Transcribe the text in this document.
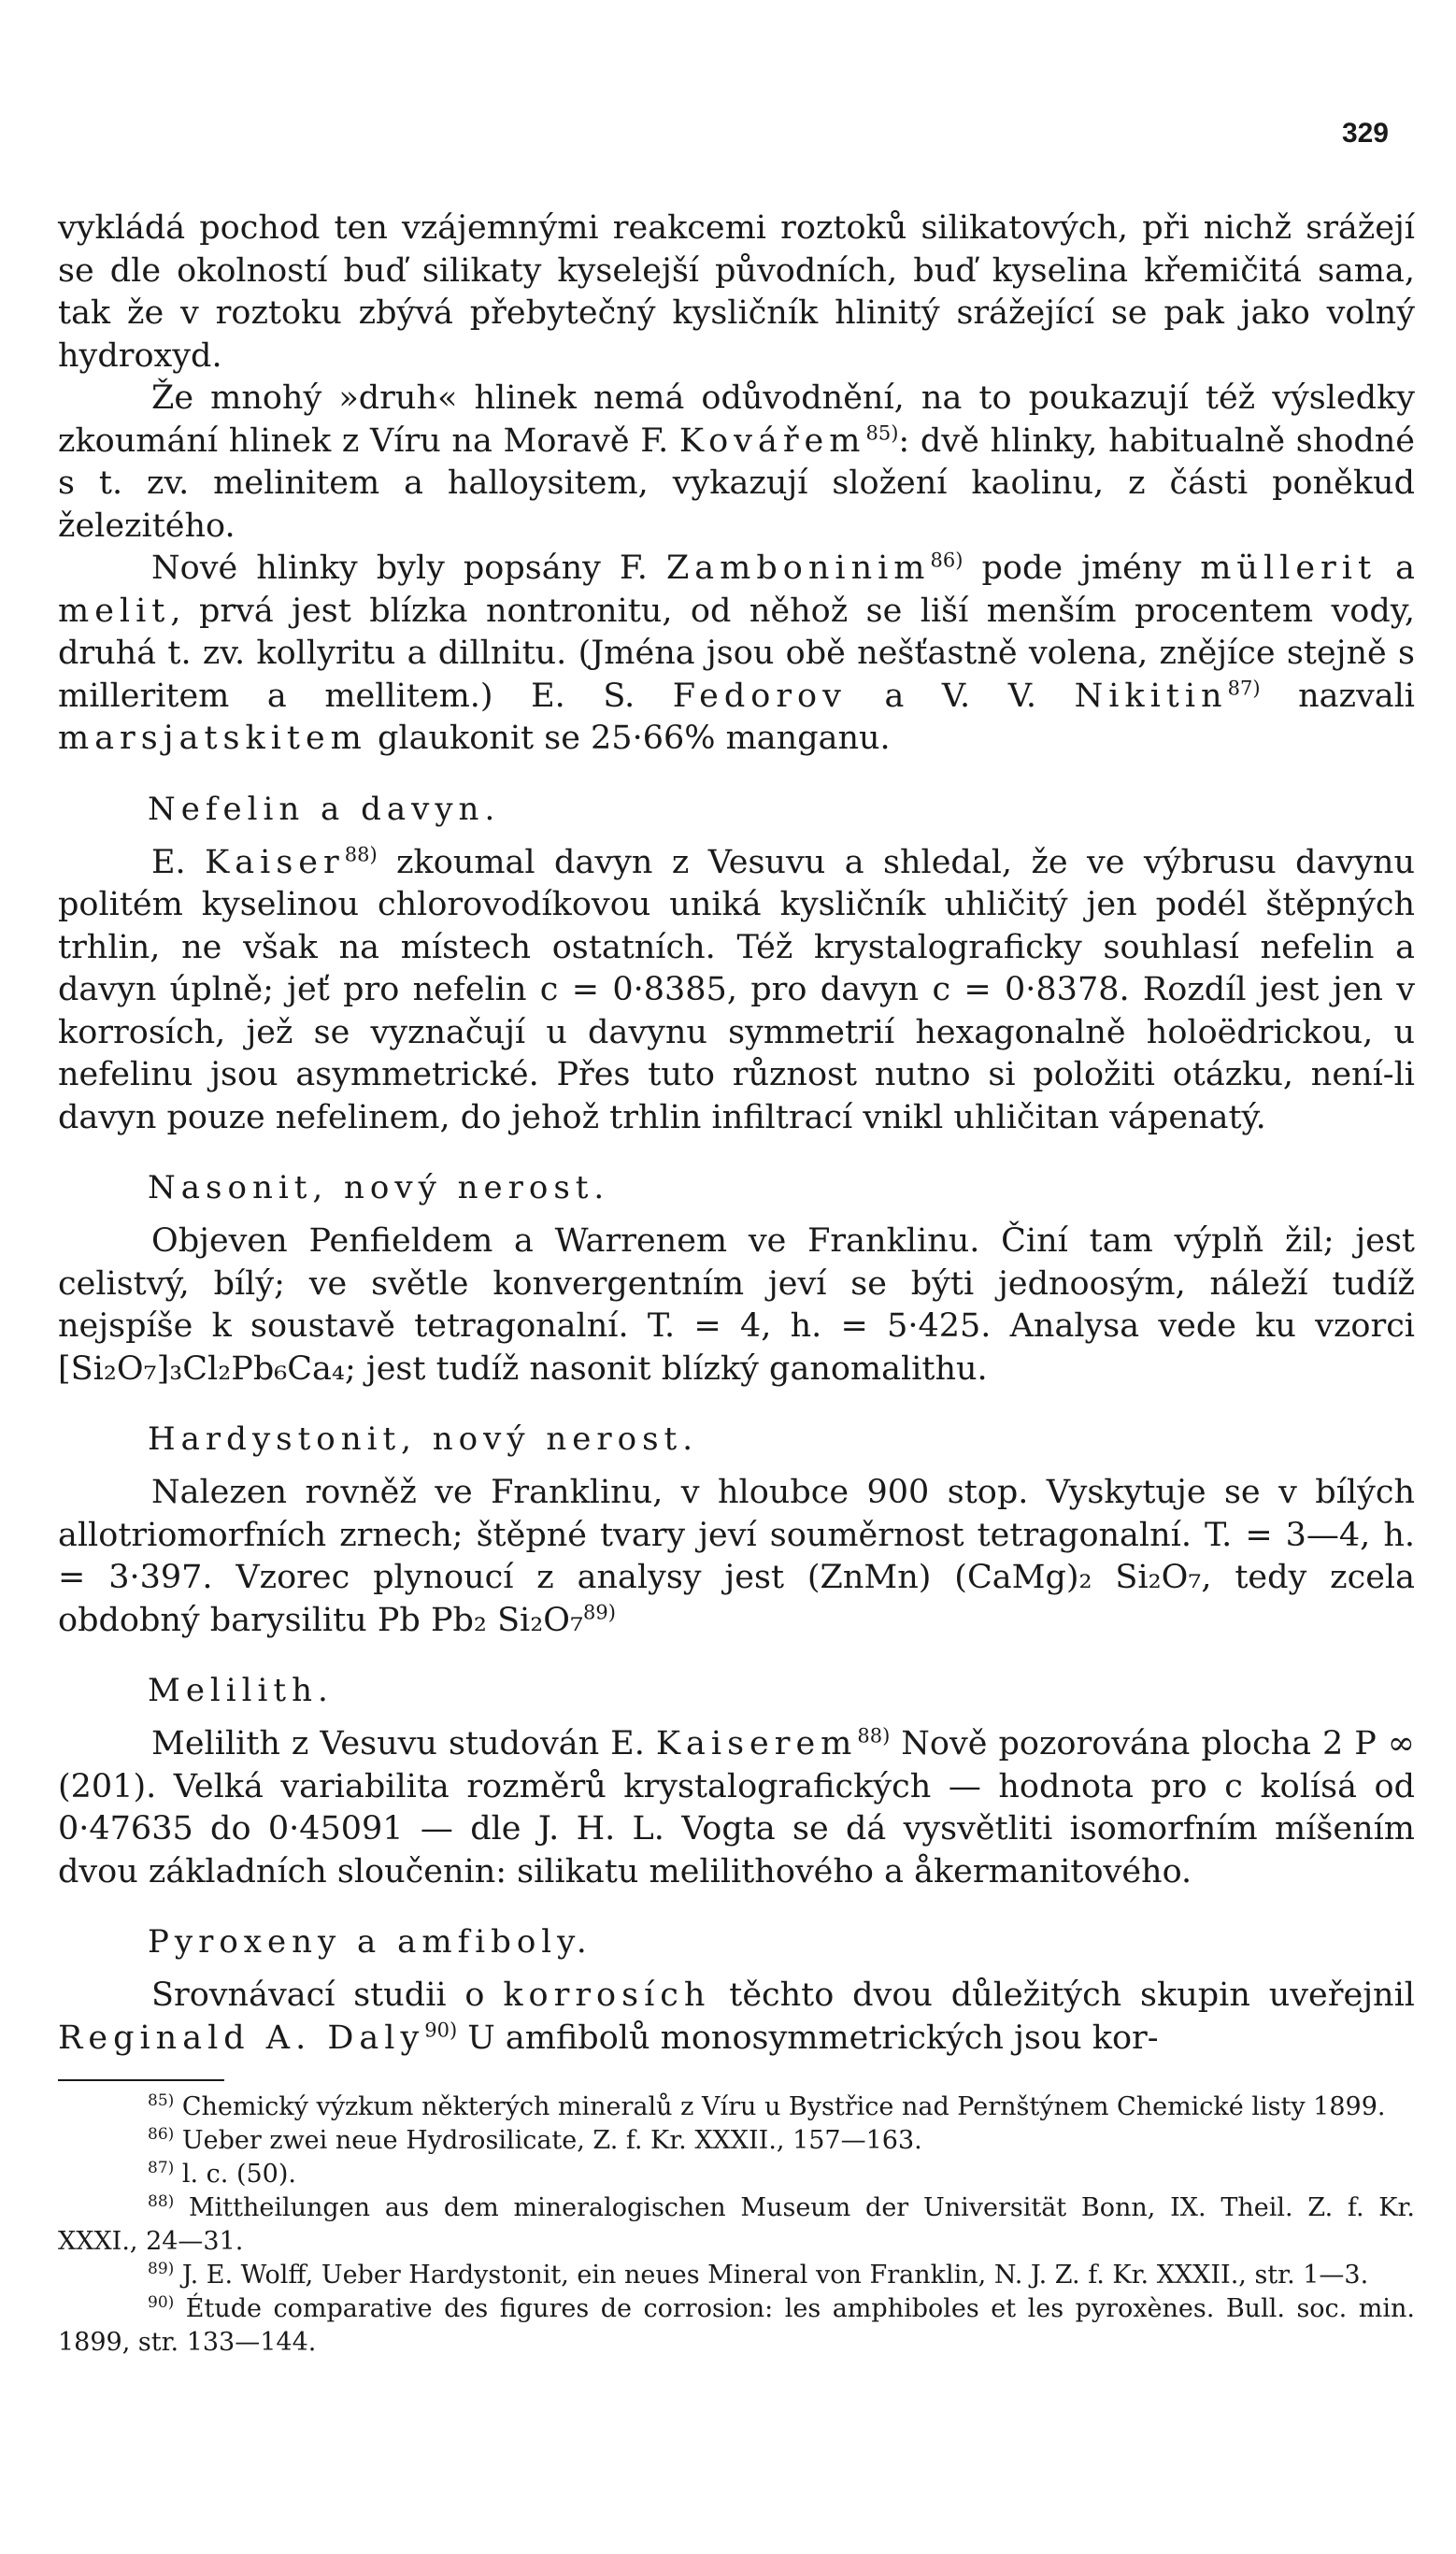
329

vykládá pochod ten vzájemnými reakcemi roztoků silikatových, při nichž srážejí se dle okolností buď silikaty kyselejší původních, buď kyselina křemičitá sama, tak že v roztoku zbývá přebytečný kysličník hlinitý srážející se pak jako volný hydroxyd.

Že mnohý »druh« hlinek nemá odůvodnění, na to poukazují též výsledky zkoumání hlinek z Víru na Moravě F. Kovářem$^{85)}$: dvě hlinky, habitualně shodné s t. zv. melinitem a halloysitem, vykazují složení kaolinu, z části poněkud železitého.

Nové hlinky byly popsány F. Zamboninim$^{86)}$ pode jmény müllerit a melit, prvá jest blízka nontronitu, od něhož se liší menším procentem vody, druhá t. zv. kollyritu a dillnitu. (Jména jsou obě nešťastně volena, znějíce stejně s milleritem a mellitem.) E. S. Fedorov a V. V. Nikitin$^{87)}$ nazvali marsjatskitem glaukonit se 25·66% manganu.

Nefelin a davyn.

E. Kaiser$^{88)}$ zkoumal davyn z Vesuvu a shledal, že ve výbrusu davynu politém kyselinou chlorovodíkovou uniká kysličník uhličitý jen podél štěpných trhlin, ne však na místech ostatních. Též krystalograficky souhlasí nefelin a davyn úplně; jeť pro nefelin c = 0·8385, pro davyn c = 0·8378. Rozdíl jest jen v korrosích, jež se vyznačují u davynu symmetrií hexagonalně holoëdrickou, u nefelinu jsou asymmetrické. Přes tuto různost nutno si položiti otázku, není-li davyn pouze nefelinem, do jehož trhlin infiltrací vnikl uhličitan vápenatý.

Nasonit, nový nerost.

Objeven Penfieldem a Warrenem ve Franklinu. Činí tam výplň žil; jest celistvý, bílý; ve světle konvergentním jeví se býti jednoosým, náleží tudíž nejspíše k soustavě tetragonalní. T. = 4, h. = 5·425. Analysa vede ku vzorci [Si₂O₇]₃Cl₂Pb₆Ca₄; jest tudíž nasonit blízký ganomalithu.

Hardystonit, nový nerost.

Nalezen rovněž ve Franklinu, v hloubce 900 stop. Vyskytuje se v bílých allotriomorfních zrnech; štěpné tvary jeví souměrnost tetragonalní. T. = 3—4, h. = 3·397. Vzorec plynoucí z analysy jest (ZnMn) (CaMg)₂ Si₂O₇, tedy zcela obdobný barysilitu Pb Pb₂ Si₂O₇$^{89)}$

Melilith.

Melilith z Vesuvu studován E. Kaiserem$^{88)}$ Nově pozorována plocha 2 P ∞ (201). Velká variabilita rozměrů krystalografických — hodnota pro c kolísá od 0·47635 do 0·45091 — dle J. H. L. Vogta se dá vysvětliti isomorfním míšením dvou základních sloučenin: silikatu melilithového a åkermanitového.

Pyroxeny a amfiboly.

Srovnávací studii o korrosích těchto dvou důležitých skupin uveřejnil Reginald A. Daly$^{90)}$ U amfibolů monosymmetrických jsou kor-

$^{85)}$ Chemický výzkum některých mineralů z Víru u Bystřice nad Pernštýnem Chemické listy 1899.

$^{86)}$ Ueber zwei neue Hydrosilicate, Z. f. Kr. XXXII., 157—163.

$^{87)}$ l. c. (50).

$^{88)}$ Mittheilungen aus dem mineralogischen Museum der Universität Bonn, IX. Theil. Z. f. Kr. XXXI., 24—31.

$^{89)}$ J. E. Wolff, Ueber Hardystonit, ein neues Mineral von Franklin, N. J. Z. f. Kr. XXXII., str. 1—3.

$^{90)}$ Étude comparative des figures de corrosion: les amphiboles et les pyroxènes. Bull. soc. min. 1899, str. 133—144.
